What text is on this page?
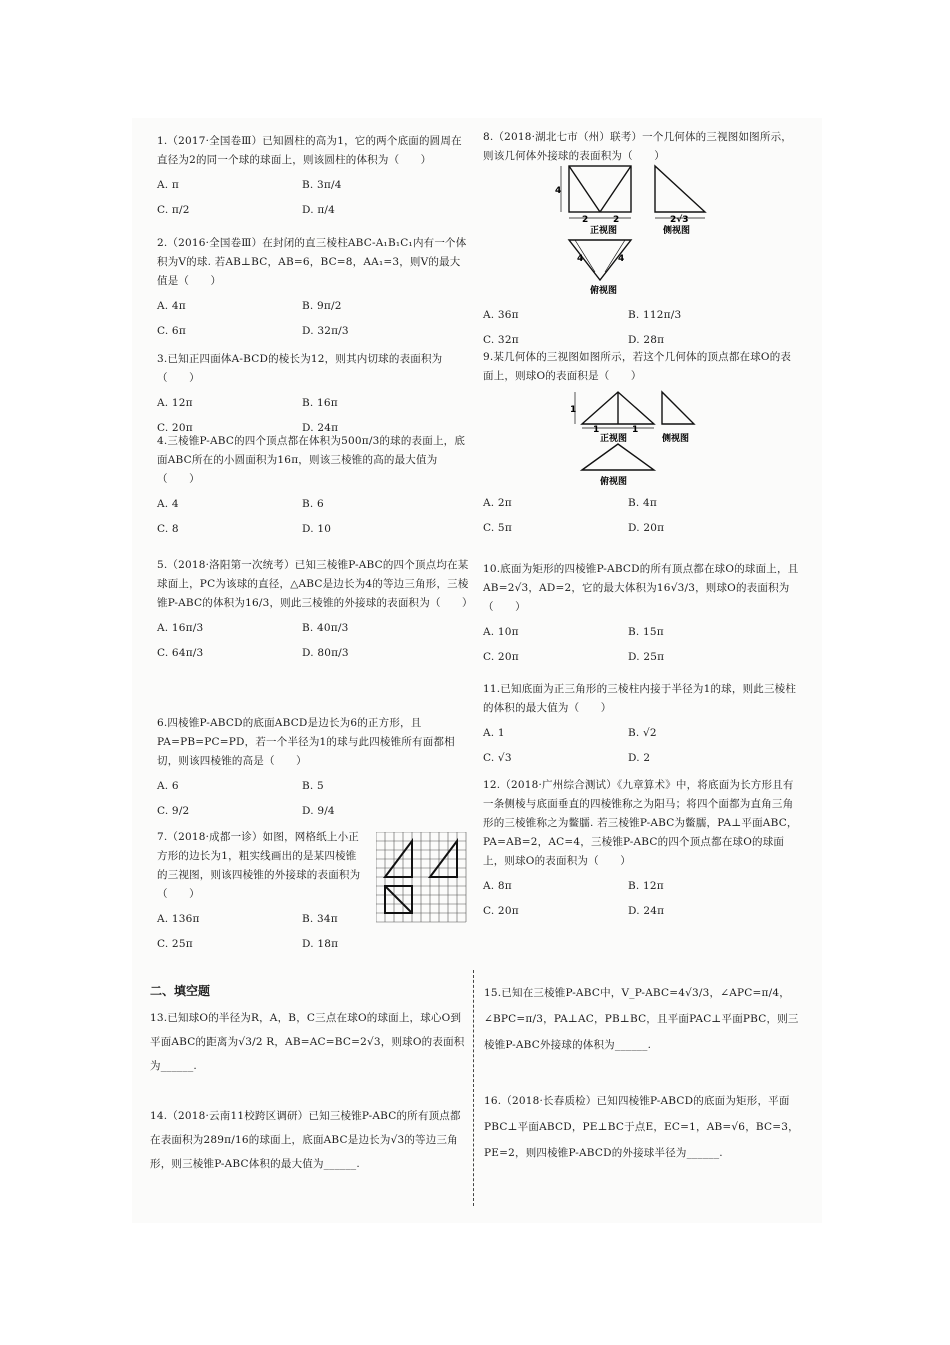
1.（2017·全国卷Ⅲ）已知圆柱的高为1，它的两个底面的圆周在直径为2的同一个球的球面上，则该圆柱的体积为（　　）

A. π	B. 3π/4
C. π/2	D. π/4

2.（2016·全国卷Ⅲ）在封闭的直三棱柱ABC-A₁B₁C₁内有一个体积为V的球. 若AB⊥BC，AB=6，BC=8，AA₁=3，则V的最大值是（　　）

A. 4π	B. 9π/2
C. 6π	D. 32π/3

3.已知正四面体A-BCD的棱长为12，则其内切球的表面积为（　　）

A. 12π	B. 16π
C. 20π	D. 24π

4.三棱锥P-ABC的四个顶点都在体积为500π/3的球的表面上，底面ABC所在的小圆面积为16π，则该三棱锥的高的最大值为（　　）

A. 4	B. 6
C. 8	D. 10

5.（2018·洛阳第一次统考）已知三棱锥P-ABC的四个顶点均在某球面上，PC为该球的直径，△ABC是边长为4的等边三角形，三棱锥P-ABC的体积为16/3，则此三棱锥的外接球的表面积为（　　）

A. 16π/3	B. 40π/3
C. 64π/3	D. 80π/3

6.四棱锥P-ABCD的底面ABCD是边长为6的正方形，且PA=PB=PC=PD，若一个半径为1的球与此四棱锥所有面都相切，则该四棱锥的高是（　　）

A. 6	B. 5
C. 9/2	D. 9/4

7.（2018·成都一诊）如图，网格纸上小正方形的边长为1，粗实线画出的是某四棱锥的三视图，则该四棱锥的外接球的表面积为（　　）

A. 136π	B. 34π
C. 25π	D. 18π

8.（2018·湖北七市（州）联考）一个几何体的三视图如图所示，则该几何体外接球的表面积为（　　）

A. 36π	B. 112π/3
C. 32π	D. 28π

9.某几何体的三视图如图所示，若这个几何体的顶点都在球O的表面上，则球O的表面积是（　　）

A. 2π	B. 4π
C. 5π	D. 20π

10.底面为矩形的四棱锥P-ABCD的所有顶点都在球O的球面上，且AB=2√3，AD=2，它的最大体积为16√3/3，则球O的表面积为（　　）

A. 10π	B. 15π
C. 20π	D. 25π

11.已知底面为正三角形的三棱柱内接于半径为1的球，则此三棱柱的体积的最大值为（　　）

A. 1	B. √2
C. √3	D. 2

12.（2018·广州综合测试）《九章算术》中，将底面为长方形且有一条侧棱与底面垂直的四棱锥称之为阳马；将四个面都为直角三角形的三棱锥称之为鳖臑. 若三棱锥P-ABC为鳖臑，PA⊥平面ABC，PA=AB=2，AC=4，三棱锥P-ABC的四个顶点都在球O的球面上，则球O的表面积为（　　）

A. 8π	B. 12π
C. 20π	D. 24π
4
2	2	2√3
正视图	侧视图
4	4
俯视图
1	1
1
正视图	侧视图
俯视图
二、填空题

13.已知球O的半径为R，A，B，C三点在球O的球面上，球心O到平面ABC的距离为√3/2 R，AB=AC=BC=2√3，则球O的表面积为______.

14.（2018·云南11校跨区调研）已知三棱锥P-ABC的所有顶点都在表面积为289π/16的球面上，底面ABC是边长为√3的等边三角形，则三棱锥P-ABC体积的最大值为______.

15.已知在三棱锥P-ABC中，V_P-ABC=4√3/3，∠APC=π/4，∠BPC=π/3，PA⊥AC，PB⊥BC，且平面PAC⊥平面PBC，则三棱锥P-ABC外接球的体积为______.

16.（2018·长春质检）已知四棱锥P-ABCD的底面为矩形，平面PBC⊥平面ABCD，PE⊥BC于点E，EC=1，AB=√6，BC=3，PE=2，则四棱锥P-ABCD的外接球半径为______.
